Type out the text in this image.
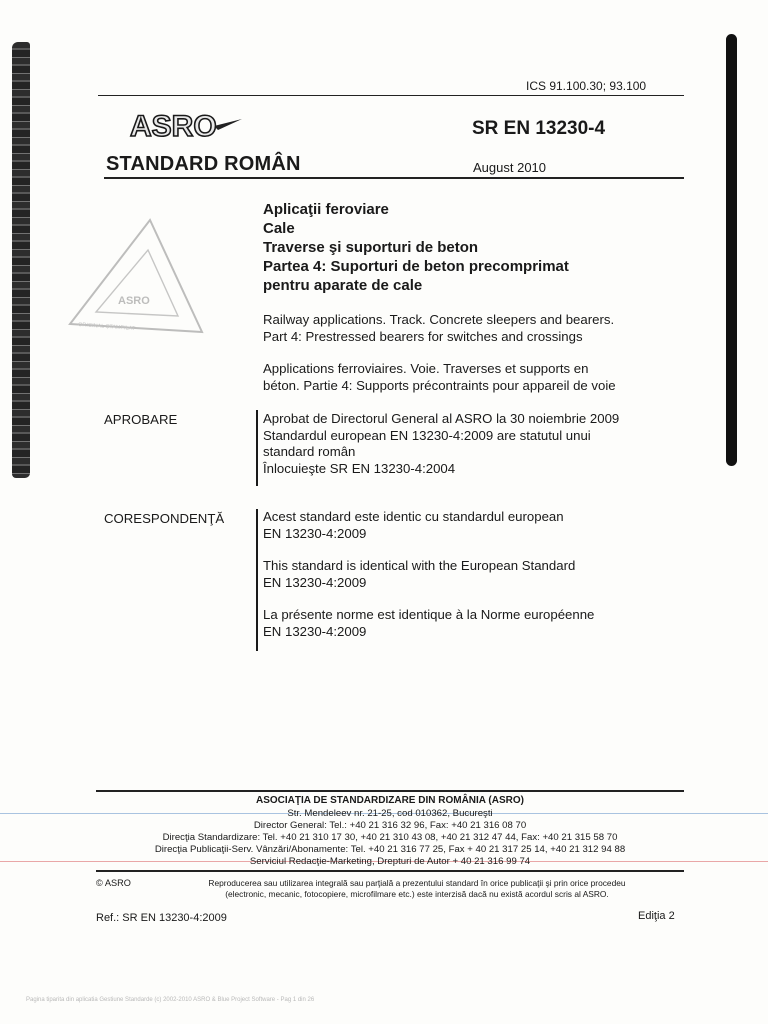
ICS 91.100.30; 93.100
ASRO	SR EN 13230-4
STANDARD ROMÂN	August 2010
ASRO
ORIGINAL ȘTAMPILAT
Aplicaţii feroviare
Cale
Traverse şi suporturi de beton
Partea 4: Suporturi de beton precomprimat
pentru aparate de cale
Railway applications. Track. Concrete sleepers and bearers.
Part 4: Prestressed bearers for switches and crossings
Applications ferroviaires. Voie. Traverses et supports en
béton. Partie 4: Supports précontraints pour appareil de voie
APROBARE	Aprobat de Directorul General al ASRO la 30 noiembrie 2009
Standardul european EN 13230-4:2009 are statutul unui
standard român
Înlocuieşte SR EN 13230-4:2004
CORESPONDENŢĂ	Acest standard este identic cu standardul european
EN 13230-4:2009
This standard is identical with the European Standard
EN 13230-4:2009
La présente norme est identique à la Norme européenne
EN 13230-4:2009
ASOCIAŢIA DE STANDARDIZARE DIN ROMÂNIA (ASRO)
Str. Mendeleev nr. 21-25, cod 010362, Bucureşti
Director General: Tel.: +40 21 316 32 96, Fax: +40 21 316 08 70
Direcţia Standardizare: Tel. +40 21 310 17 30, +40 21 310 43 08, +40 21 312 47 44, Fax: +40 21 315 58 70
Direcţia Publicaţii-Serv. Vânzări/Abonamente: Tel. +40 21 316 77 25, Fax + 40 21 317 25 14, +40 21 312 94 88
Serviciul Redacţie-Marketing, Drepturi de Autor + 40 21 316 99 74
© ASRO	Reproducerea sau utilizarea integrală sau parţială a prezentului standard în orice publicaţii şi prin orice procedeu
(electronic, mecanic, fotocopiere, microfilmare etc.) este interzisă dacă nu există acordul scris al ASRO.
Ref.: SR EN 13230-4:2009	Ediţia 2
Pagina tiparita din aplicatia Gestiune Standarde (c) 2002-2010 ASRO & Blue Project Software - Pag 1 din 26
